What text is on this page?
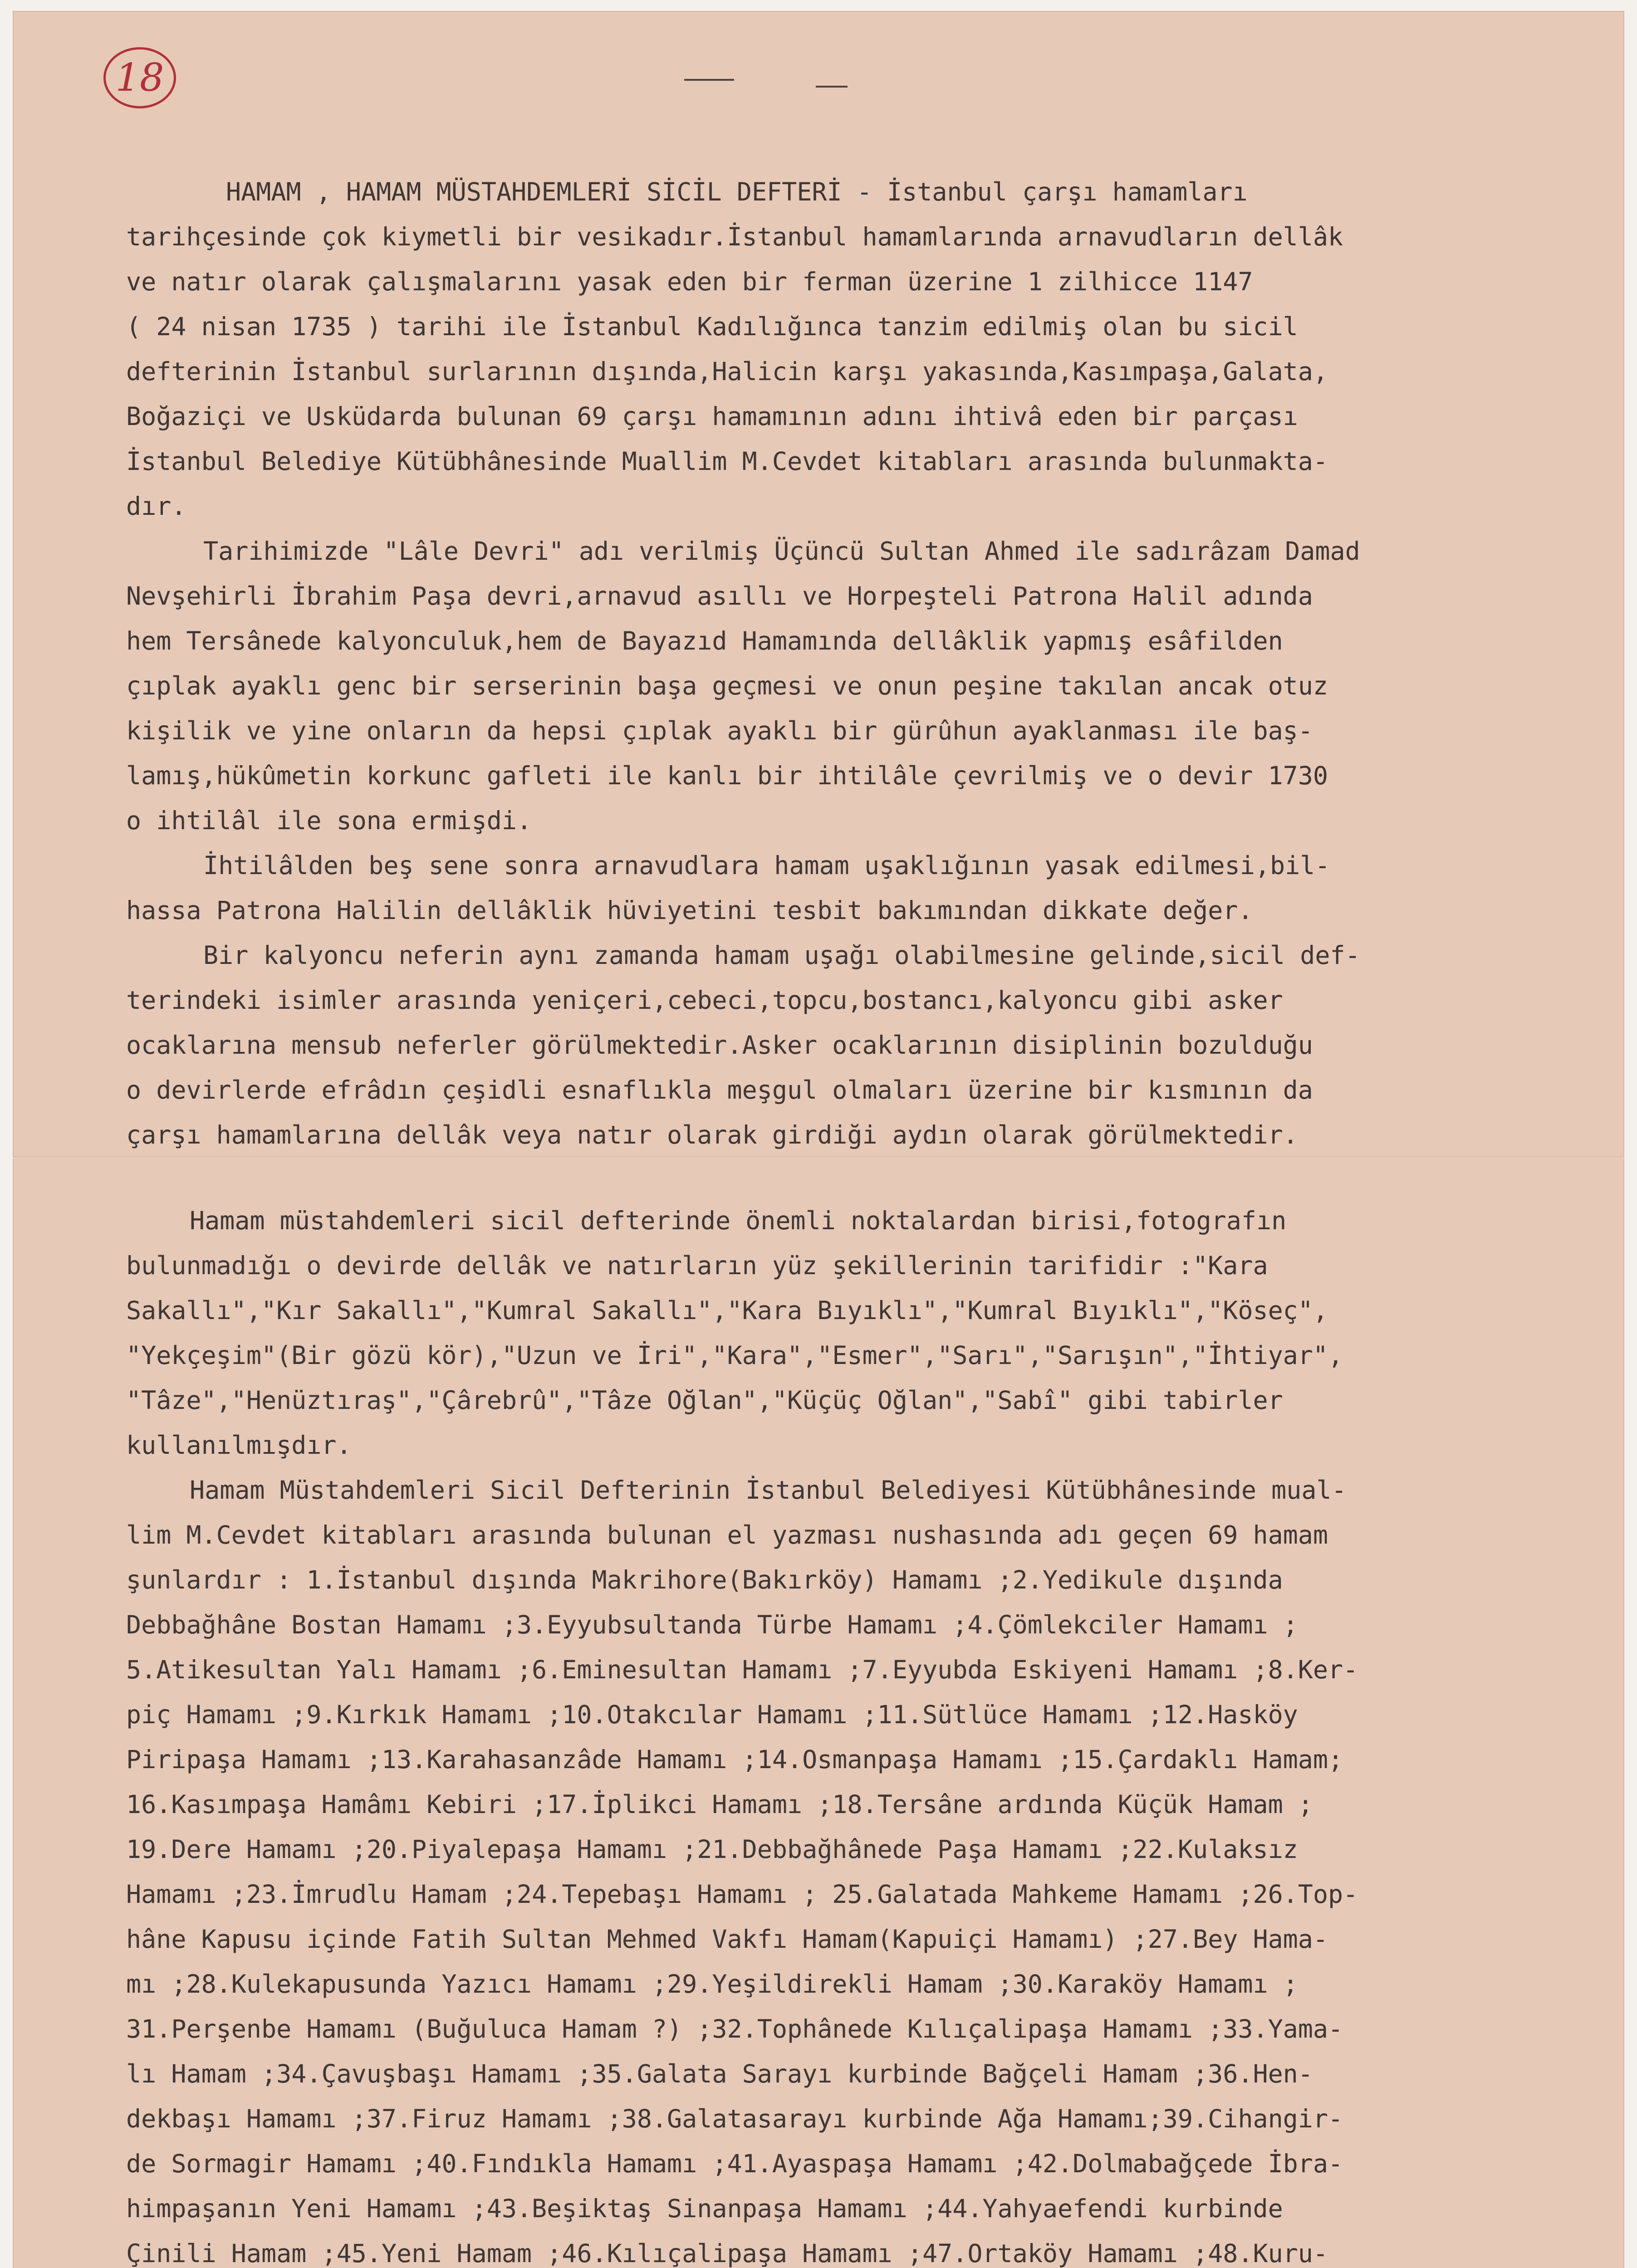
18

HAMAM , HAMAM MÜSTAHDEMLERİ SİCİL DEFTERİ - İstanbul çarşı hamamları
tarihçesinde çok kiymetli bir vesikadır.İstanbul hamamlarında arnavudların dellâk
ve natır olarak çalışmalarını yasak eden bir ferman üzerine 1 zilhicce 1147
( 24 nisan 1735 ) tarihi ile İstanbul Kadılığınca tanzim edilmiş olan bu sicil
defterinin İstanbul surlarının dışında,Halicin karşı yakasında,Kasımpaşa,Galata,
Boğaziçi ve Usküdarda bulunan 69 çarşı hamamının adını ihtivâ eden bir parçası
İstanbul Belediye Kütübhânesinde Muallim M.Cevdet kitabları arasında bulunmakta-
dır.

Tarihimizde "Lâle Devri" adı verilmiş Üçüncü Sultan Ahmed ile sadırâzam Damad
Nevşehirli İbrahim Paşa devri,arnavud asıllı ve Horpeşteli Patrona Halil adında
hem Tersânede kalyonculuk,hem de Bayazıd Hamamında dellâklik yapmış esâfilden
çıplak ayaklı genc bir serserinin başa geçmesi ve onun peşine takılan ancak otuz
kişilik ve yine onların da hepsi çıplak ayaklı bir gürûhun ayaklanması ile baş-
lamış,hükûmetin korkunc gafleti ile kanlı bir ihtilâle çevrilmiş ve o devir 1730
o ihtilâl ile sona ermişdi.

İhtilâlden beş sene sonra arnavudlara hamam uşaklığının yasak edilmesi,bil-
hassa Patrona Halilin dellâklik hüviyetini tesbit bakımından dikkate değer.

Bir kalyoncu neferin aynı zamanda hamam uşağı olabilmesine gelinde,sicil def-
terindeki isimler arasında yeniçeri,cebeci,topcu,bostancı,kalyoncu gibi asker
ocaklarına mensub neferler görülmektedir.Asker ocaklarının disiplinin bozulduğu
o devirlerde efrâdın çeşidli esnaflıkla meşgul olmaları üzerine bir kısmının da
çarşı hamamlarına dellâk veya natır olarak girdiği aydın olarak görülmektedir.

Hamam müstahdemleri sicil defterinde önemli noktalardan birisi,fotografın
bulunmadığı o devirde dellâk ve natırların yüz şekillerinin tarifidir :"Kara
Sakallı","Kır Sakallı","Kumral Sakallı","Kara Bıyıklı","Kumral Bıyıklı","Köseç",
"Yekçeşim"(Bir gözü kör),"Uzun ve İri","Kara","Esmer","Sarı","Sarışın","İhtiyar",
"Tâze","Henüztıraş","Çârebrû","Tâze Oğlan","Küçüç Oğlan","Sabî" gibi tabirler
kullanılmışdır.

Hamam Müstahdemleri Sicil Defterinin İstanbul Belediyesi Kütübhânesinde mual-
lim M.Cevdet kitabları arasında bulunan el yazması nushasında adı geçen 69 hamam
şunlardır : 1.İstanbul dışında Makrihore(Bakırköy) Hamamı ;2.Yedikule dışında
Debbağhâne Bostan Hamamı ;3.Eyyubsultanda Türbe Hamamı ;4.Çömlekciler Hamamı ;
5.Atikesultan Yalı Hamamı ;6.Eminesultan Hamamı ;7.Eyyubda Eskiyeni Hamamı ;8.Ker-
piç Hamamı ;9.Kırkık Hamamı ;10.Otakcılar Hamamı ;11.Sütlüce Hamamı ;12.Hasköy
Piripaşa Hamamı ;13.Karahasanzâde Hamamı ;14.Osmanpaşa Hamamı ;15.Çardaklı Hamam;
16.Kasımpaşa Hamâmı Kebiri ;17.İplikci Hamamı ;18.Tersâne ardında Küçük Hamam ;
19.Dere Hamamı ;20.Piyalepaşa Hamamı ;21.Debbağhânede Paşa Hamamı ;22.Kulaksız
Hamamı ;23.İmrudlu Hamam ;24.Tepebaşı Hamamı ; 25.Galatada Mahkeme Hamamı ;26.Top-
hâne Kapusu içinde Fatih Sultan Mehmed Vakfı Hamam(Kapuiçi Hamamı) ;27.Bey Hama-
mı ;28.Kulekapusunda Yazıcı Hamamı ;29.Yeşildirekli Hamam ;30.Karaköy Hamamı ;
31.Perşenbe Hamamı (Buğuluca Hamam ?) ;32.Tophânede Kılıçalipaşa Hamamı ;33.Yama-
lı Hamam ;34.Çavuşbaşı Hamamı ;35.Galata Sarayı kurbinde Bağçeli Hamam ;36.Hen-
dekbaşı Hamamı ;37.Firuz Hamamı ;38.Galatasarayı kurbinde Ağa Hamamı;39.Cihangir-
de Sormagir Hamamı ;40.Fındıkla Hamamı ;41.Ayaspaşa Hamamı ;42.Dolmabağçede İbra-
himpaşanın Yeni Hamamı ;43.Beşiktaş Sinanpaşa Hamamı ;44.Yahyaefendi kurbinde
Çinili Hamam ;45.Yeni Hamam ;46.Kılıçalipaşa Hamamı ;47.Ortaköy Hamamı ;48.Kuru-
